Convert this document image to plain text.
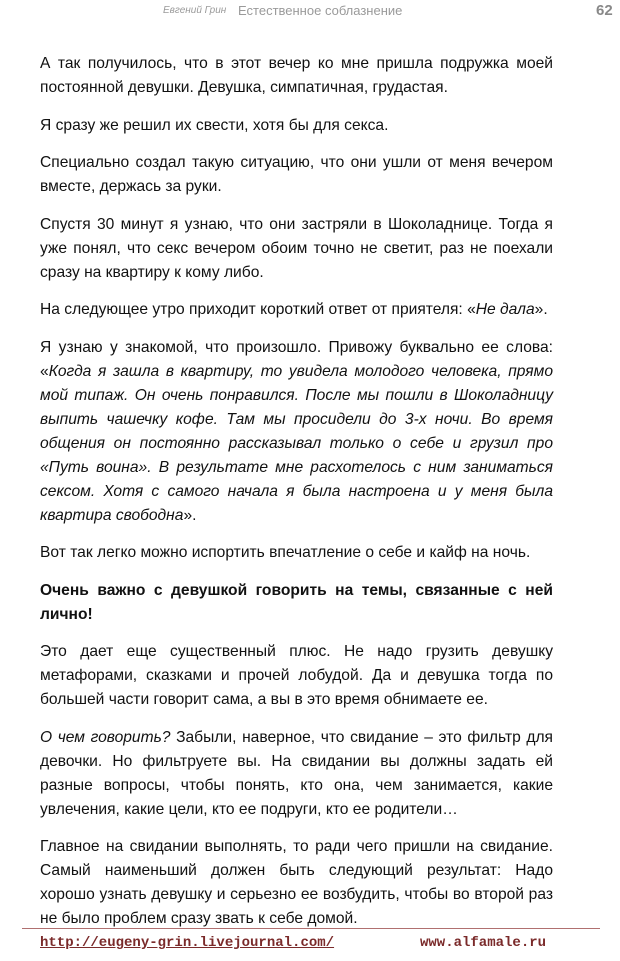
Евгений Грин Естественное соблазнение	62

А так получилось, что в этот вечер ко мне пришла подружка моей постоянной девушки. Девушка, симпатичная, грудастая.

Я сразу же решил их свести, хотя бы для секса.

Специально создал такую ситуацию, что они ушли от меня вечером вместе, держась за руки.

Спустя 30 минут я узнаю, что они застряли в Шоколаднице. Тогда я уже понял, что секс вечером обоим точно не светит, раз не поехали сразу на квартиру к кому либо.

На следующее утро приходит короткий ответ от приятеля: «Не дала».

Я узнаю у знакомой, что произошло. Привожу буквально ее слова: «Когда я зашла в квартиру, то увидела молодого человека, прямо мой типаж. Он очень понравился. После мы пошли в Шоколадницу выпить чашечку кофе. Там мы просидели до 3-х ночи. Во время общения он постоянно рассказывал только о себе и грузил про «Путь воина». В результате мне расхотелось с ним заниматься сексом. Хотя с самого начала я была настроена и у меня была квартира свободна».

Вот так легко можно испортить впечатление о себе и кайф на ночь.

Очень важно с девушкой говорить на темы, связанные с ней лично!

Это дает еще существенный плюс. Не надо грузить девушку метафорами, сказками и прочей лобудой. Да и девушка тогда по большей части говорит сама, а вы в это время обнимаете ее.

О чем говорить? Забыли, наверное, что свидание – это фильтр для девочки. Но фильтруете вы. На свидании вы должны задать ей разные вопросы, чтобы понять, кто она, чем занимается, какие увлечения, какие цели, кто ее подруги, кто ее родители…

Главное на свидании выполнять, то ради чего пришли на свидание. Самый наименьший должен быть следующий результат: Надо хорошо узнать девушку и серьезно ее возбудить, чтобы во второй раз не было проблем сразу звать к себе домой.

http://eugeny-grin.livejournal.com/	www.alfamale.ru
